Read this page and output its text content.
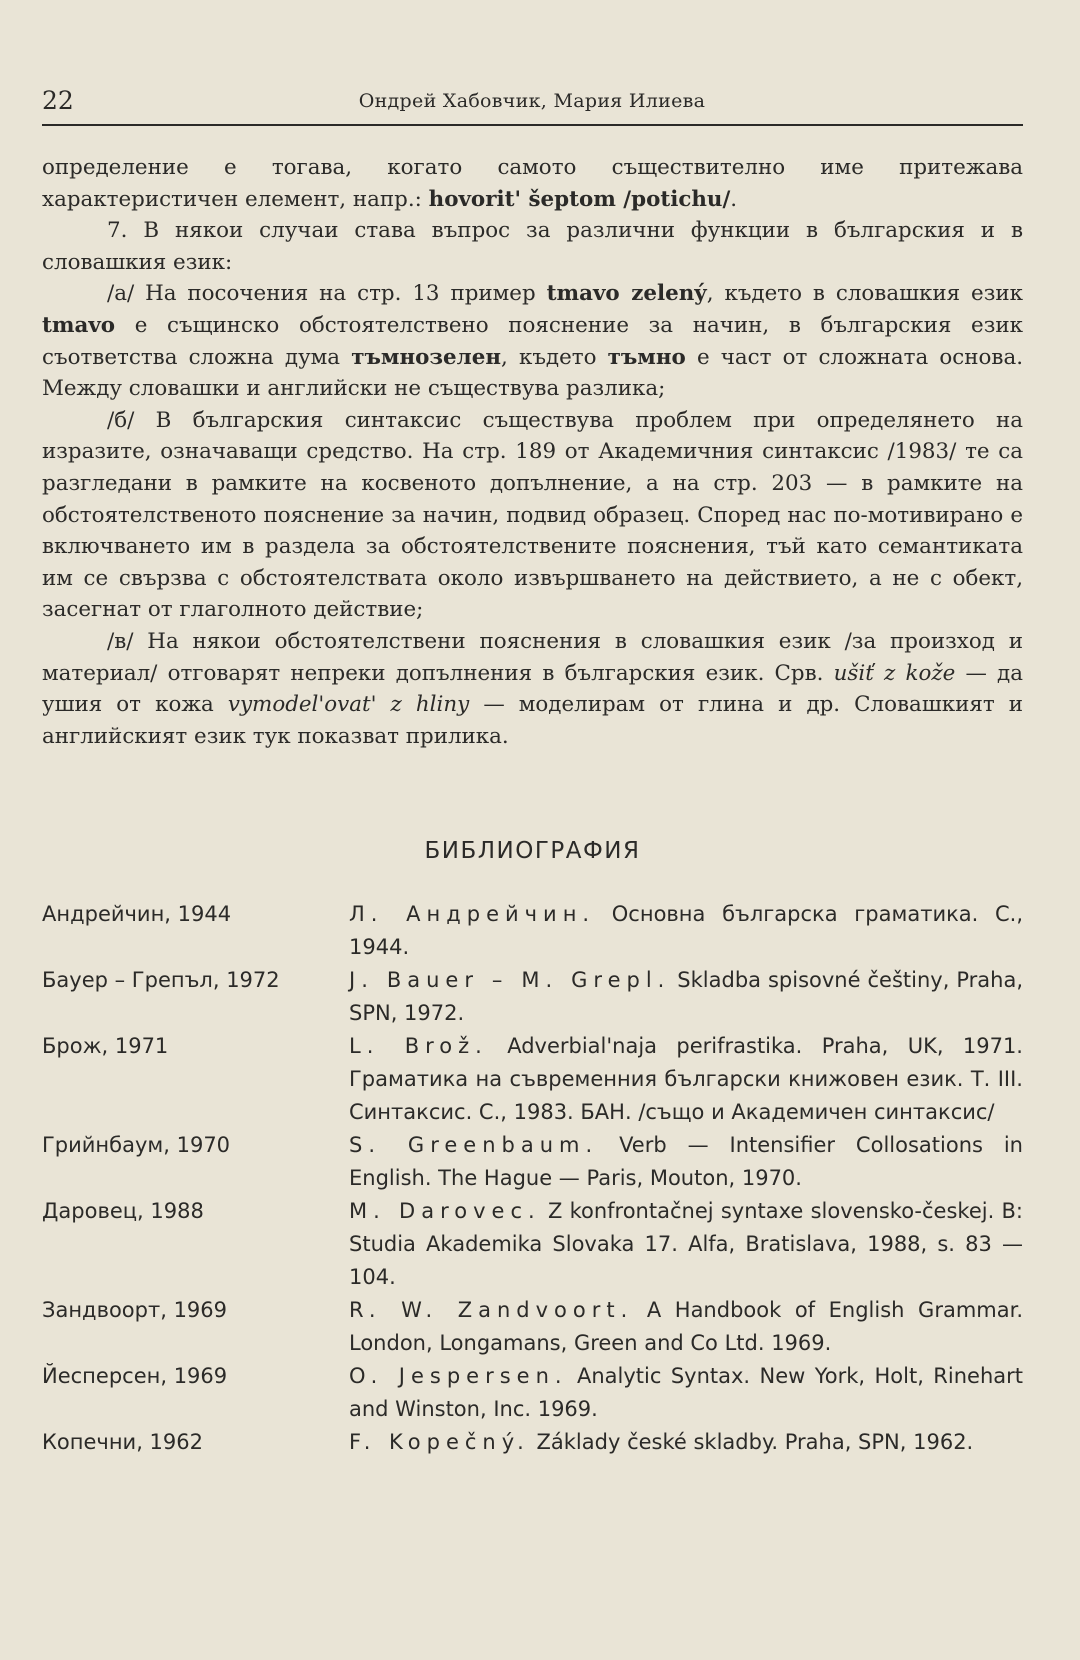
22	Ондрей Хабовчик, Мария Илиева

определение е тогава, когато самото съществително име притежава характеристичен елемент, напр.: hovorit' šeptom /potichu/.

7. В някои случаи става въпрос за различни функции в българския и в словашкия език:

/а/ На посочения на стр. 13 пример tmavo zelený, където в словашкия език tmavo е същинско обстоятелствено пояснение за начин, в българския език съответства сложна дума тъмнозелен, където тъмно е част от сложната основа. Между словашки и английски не съществува разлика;

/б/ В българския синтаксис съществува проблем при определянето на изразите, означаващи средство. На стр. 189 от Академичния синтаксис /1983/ те са разгледани в рамките на косвеното допълнение, а на стр. 203 — в рамките на обстоятелственото пояснение за начин, подвид образец. Според нас по-мотивирано е включването им в раздела за обстоятелствените пояснения, тъй като семантиката им се свързва с обстоятелствата около извършването на действието, а не с обект, засегнат от глаголното действие;

/в/ На някои обстоятелствени пояснения в словашкия език /за произход и материал/ отговарят непреки допълнения в българския език. Срв. ušiť z kože — да ушия от кожа vymodel'ovat' z hliny — моделирам от глина и др. Словашкият и английският език тук показват прилика.

БИБЛИОГРАФИЯ
Андрейчин, 1944	Л. Андрейчин. Основна българска граматика. С., 1944.
Бауер – Грепъл, 1972	J. Bauer – M. Grepl. Skladba spisovné češtiny, Praha, SPN, 1972.
Брож, 1971	L. Brož. Adverbial'naja perifrastika. Praha, UK, 1971. Граматика на съвременния български книжовен език. Т. III. Синтаксис. С., 1983. БАН. /също и Академичен синтаксис/
Грийнбаум, 1970	S. Greenbaum. Verb — Intensifier Collosations in English. The Hague — Paris, Mouton, 1970.
Даровец, 1988	M. Darovec. Z konfrontačnej syntaxe slovensko-českej. B: Studia Akademika Slovaka 17. Alfa, Bratislava, 1988, s. 83 — 104.
Зандвоорт, 1969	R. W. Zandvoort. A Handbook of English Grammar. London, Longamans, Green and Co Ltd. 1969.
Йесперсен, 1969	O. Jespersen. Analytic Syntax. New York, Holt, Rinehart and Winston, Inc. 1969.
Копечни, 1962	F. Kopečný. Základy české skladby. Praha, SPN, 1962.
